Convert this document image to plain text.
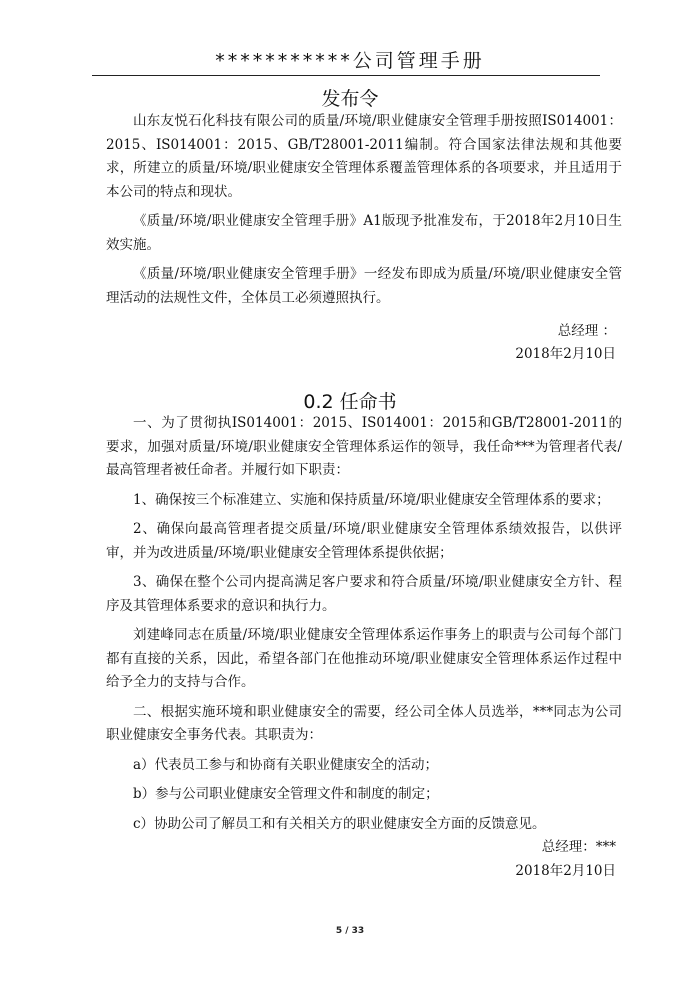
***********公司管理手册
发布令

山东友悦石化科技有限公司的质量/环境/职业健康安全管理手册按照IS014001：2015、IS014001：2015、GB/T28001-2011编制。符合国家法律法规和其他要求，所建立的质量/环境/职业健康安全管理体系覆盖管理体系的各项要求，并且适用于本公司的特点和现状。

《质量/环境/职业健康安全管理手册》A1版现予批准发布，于2018年2月10日生效实施。

《质量/环境/职业健康安全管理手册》一经发布即成为质量/环境/职业健康安全管理活动的法规性文件，全体员工必须遵照执行。

总经理 ：
2018年2月10日
0.2 任命书

一、为了贯彻执IS014001：2015、IS014001：2015和GB/T28001-2011的要求，加强对质量/环境/职业健康安全管理体系运作的领导，我任命***为管理者代表/最高管理者被任命者。并履行如下职责：

1、确保按三个标准建立、实施和保持质量/环境/职业健康安全管理体系的要求；

2、确保向最高管理者提交质量/环境/职业健康安全管理体系绩效报告，以供评审，并为改进质量/环境/职业健康安全管理体系提供依据；

3、确保在整个公司内提高满足客户要求和符合质量/环境/职业健康安全方针、程序及其管理体系要求的意识和执行力。

刘建峰同志在质量/环境/职业健康安全管理体系运作事务上的职责与公司每个部门都有直接的关系，因此，希望各部门在他推动环境/职业健康安全管理体系运作过程中给予全力的支持与合作。

二、根据实施环境和职业健康安全的需要，经公司全体人员选举，***同志为公司职业健康安全事务代表。其职责为：

a）代表员工参与和协商有关职业健康安全的活动；
b）参与公司职业健康安全管理文件和制度的制定；
c）协助公司了解员工和有关相关方的职业健康安全方面的反馈意见。
总经理：***
2018年2月10日
5 / 33
